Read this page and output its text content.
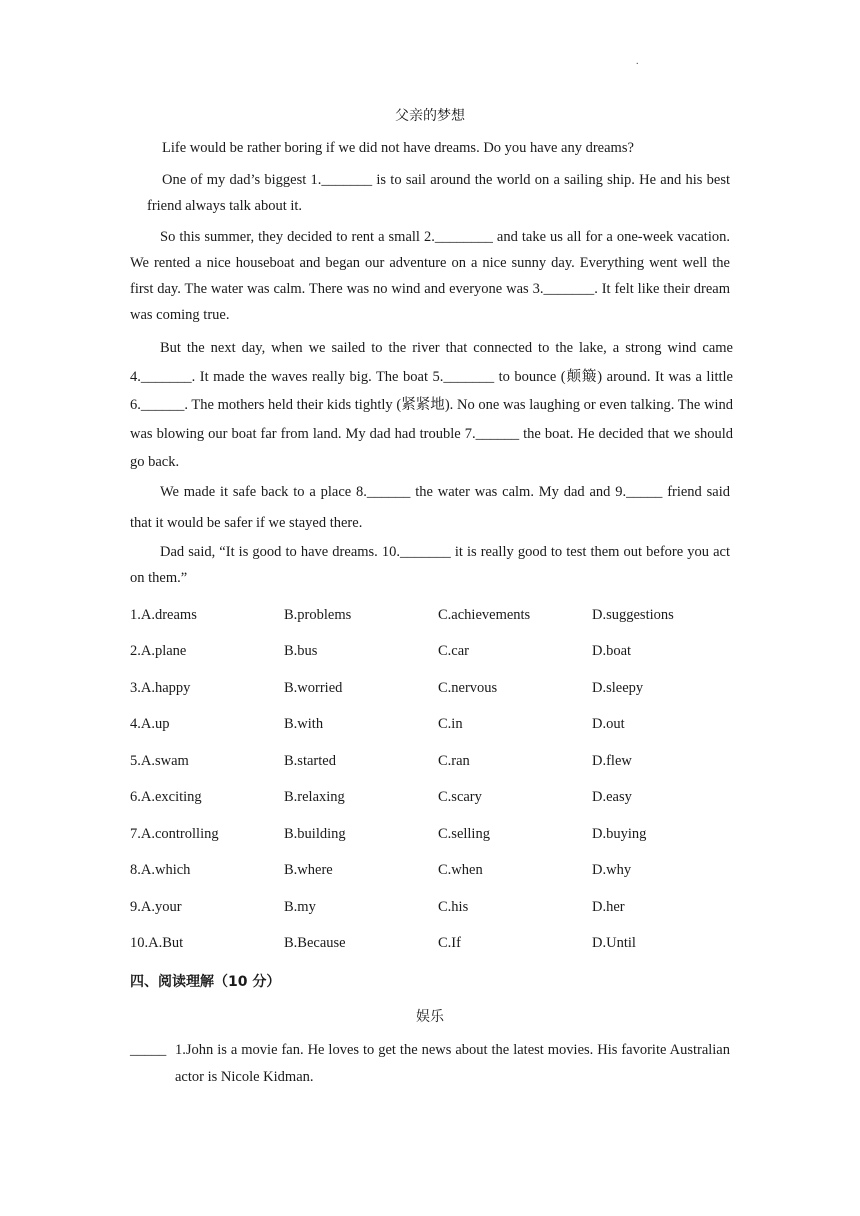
.
父亲的梦想
Life would be rather boring if we did not have dreams. Do you have any dreams?
One of my dad’s biggest 1._______ is to sail around the world on a sailing ship. He and his best friend always talk about it.
So this summer, they decided to rent a small 2.________ and take us all for a one-week vacation. We rented a nice houseboat and began our adventure on a nice sunny day. Everything went well the first day. The water was calm. There was no wind and everyone was 3._______. It felt like their dream was coming true.
But the next day, when we sailed to the river that connected to the lake, a strong wind came 4._______. It made the waves really big. The boat 5._______ to bounce (颠簸) around. It was a little 6.______. The mothers held their kids tightly (紧紧地). No one was laughing or even talking. The wind was blowing our boat far from land. My dad had trouble 7.______ the boat. He decided that we should go back.
We made it safe back to a place 8.______ the water was calm. My dad and 9._____ friend said that it would be safer if we stayed there.
Dad said, “It is good to have dreams. 10._______ it is really good to test them out before you act on them.”
1.A.dreams	B.problems	C.achievements	D.suggestions
2.A.plane	B.bus	C.car	D.boat
3.A.happy	B.worried	C.nervous	D.sleepy
4.A.up	B.with	C.in	D.out
5.A.swam	B.started	C.ran	D.flew
6.A.exciting	B.relaxing	C.scary	D.easy
7.A.controlling	B.building	C.selling	D.buying
8.A.which	B.where	C.when	D.why
9.A.your	B.my	C.his	D.her
10.A.But	B.Because	C.If	D.Until
四、阅读理解（10 分）
娱乐
_____ 1.John is a movie fan. He loves to get the news about the latest movies. His favorite Australian actor is Nicole Kidman.
